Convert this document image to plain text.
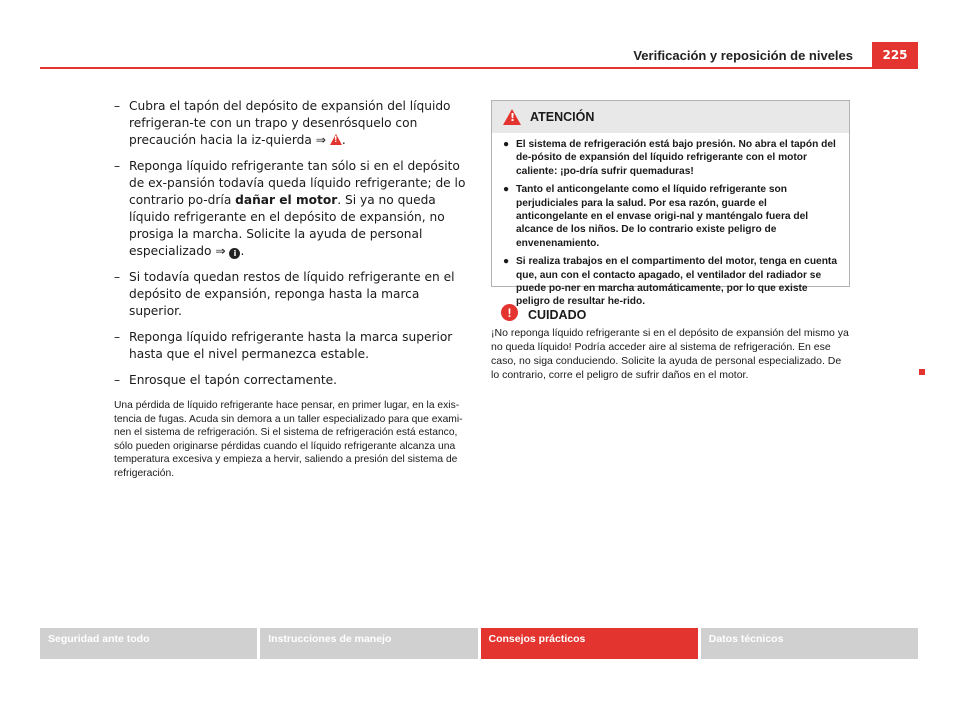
Verificación y reposición de niveles	225
– Cubra el tapón del depósito de expansión del líquido refrigeran-te con un trapo y desenrósquelo con precaución hacia la iz-quierda ⇒ !.
– Reponga líquido refrigerante tan sólo si en el depósito de ex-pansión todavía queda líquido refrigerante; de lo contrario po-dría dañar el motor. Si ya no queda líquido refrigerante en el depósito de expansión, no prosiga la marcha. Solicite la ayuda de personal especializado ⇒ i .
– Si todavía quedan restos de líquido refrigerante en el depósito de expansión, reponga hasta la marca superior.
– Reponga líquido refrigerante hasta la marca superior hasta que el nivel permanezca estable.
– Enrosque el tapón correctamente.
Una pérdida de líquido refrigerante hace pensar, en primer lugar, en la exis-tencia de fugas. Acuda sin demora a un taller especializado para que exami-nen el sistema de refrigeración. Si el sistema de refrigeración está estanco, sólo pueden originarse pérdidas cuando el líquido refrigerante alcanza una temperatura excesiva y empieza a hervir, saliendo a presión del sistema de refrigeración.
!
ATENCIÓN
● El sistema de refrigeración está bajo presión. No abra el tapón del de-pósito de expansión del líquido refrigerante con el motor caliente: ¡po-dría sufrir quemaduras!
● Tanto el anticongelante como el líquido refrigerante son perjudiciales para la salud. Por esa razón, guarde el anticongelante en el envase origi-nal y manténgalo fuera del alcance de los niños. De lo contrario existe peligro de envenenamiento.
● Si realiza trabajos en el compartimento del motor, tenga en cuenta que, aun con el contacto apagado, el ventilador del radiador se puede po-ner en marcha automáticamente, por lo que existe peligro de resultar he-rido.
!	CUIDADO
¡No reponga líquido refrigerante si en el depósito de expansión del mismo ya no queda líquido! Podría acceder aire al sistema de refrigeración. En ese caso, no siga conduciendo. Solicite la ayuda de personal especializado. De lo contrario, corre el peligro de sufrir daños en el motor.
Seguridad ante todo	Instrucciones de manejo	Consejos prácticos	Datos técnicos
